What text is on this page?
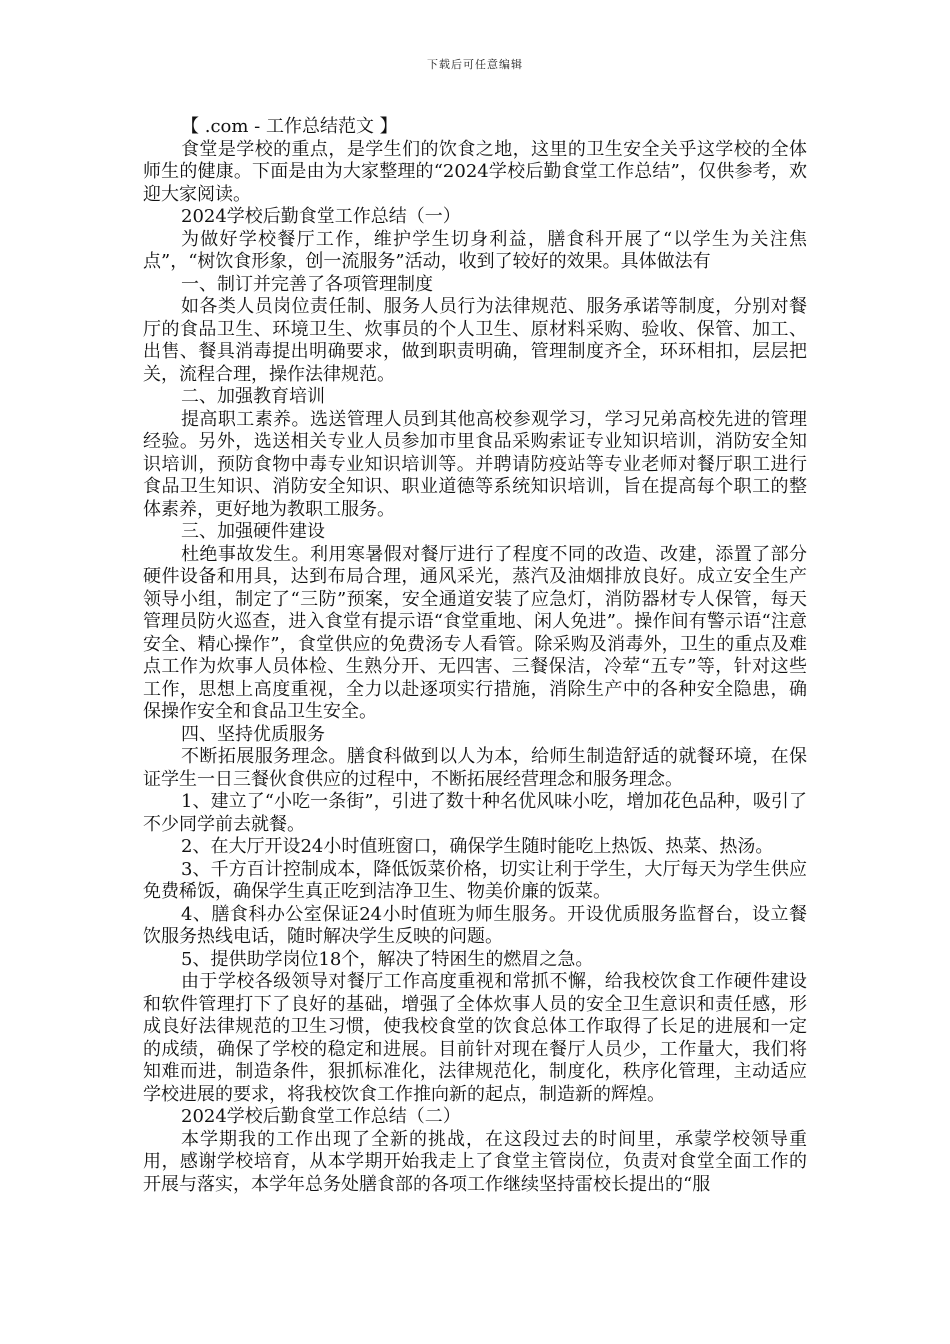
下载后可任意编辑

【 .com - 工作总结范文 】

食堂是学校的重点，是学生们的饮食之地，这里的卫生安全关乎这学校的全体师生的健康。下面是由为大家整理的“2024学校后勤食堂工作总结”，仅供参考，欢迎大家阅读。

2024学校后勤食堂工作总结（一）

为做好学校餐厅工作，维护学生切身利益，膳食科开展了“以学生为关注焦点”，“树饮食形象，创一流服务”活动，收到了较好的效果。具体做法有

一、制订并完善了各项管理制度

如各类人员岗位责任制、服务人员行为法律规范、服务承诺等制度，分别对餐厅的食品卫生、环境卫生、炊事员的个人卫生、原材料采购、验收、保管、加工、出售、餐具消毒提出明确要求，做到职责明确，管理制度齐全，环环相扣，层层把关，流程合理，操作法律规范。

二、加强教育培训

提高职工素养。选送管理人员到其他高校参观学习，学习兄弟高校先进的管理经验。另外，选送相关专业人员参加市里食品采购索证专业知识培训，消防安全知识培训，预防食物中毒专业知识培训等。并聘请防疫站等专业老师对餐厅职工进行食品卫生知识、消防安全知识、职业道德等系统知识培训，旨在提高每个职工的整体素养，更好地为教职工服务。

三、加强硬件建设

杜绝事故发生。利用寒暑假对餐厅进行了程度不同的改造、改建，添置了部分硬件设备和用具，达到布局合理，通风采光，蒸汽及油烟排放良好。成立安全生产领导小组，制定了“三防”预案，安全通道安装了应急灯，消防器材专人保管，每天管理员防火巡查，进入食堂有提示语“食堂重地、闲人免进”。操作间有警示语“注意安全、精心操作”，食堂供应的免费汤专人看管。除采购及消毒外，卫生的重点及难点工作为炊事人员体检、生熟分开、无四害、三餐保洁，冷荤“五专”等，针对这些工作，思想上高度重视，全力以赴逐项实行措施，消除生产中的各种安全隐患，确保操作安全和食品卫生安全。

四、坚持优质服务

不断拓展服务理念。膳食科做到以人为本，给师生制造舒适的就餐环境，在保证学生一日三餐伙食供应的过程中，不断拓展经营理念和服务理念。

1、建立了“小吃一条街”，引进了数十种名优风味小吃，增加花色品种，吸引了不少同学前去就餐。

2、在大厅开设24小时值班窗口，确保学生随时能吃上热饭、热菜、热汤。

3、千方百计控制成本，降低饭菜价格，切实让利于学生，大厅每天为学生供应免费稀饭，确保学生真正吃到洁净卫生、物美价廉的饭菜。

4、膳食科办公室保证24小时值班为师生服务。开设优质服务监督台，设立餐饮服务热线电话，随时解决学生反映的问题。

5、提供助学岗位18个，解决了特困生的燃眉之急。

由于学校各级领导对餐厅工作高度重视和常抓不懈，给我校饮食工作硬件建设和软件管理打下了良好的基础，增强了全体炊事人员的安全卫生意识和责任感，形成良好法律规范的卫生习惯，使我校食堂的饮食总体工作取得了长足的进展和一定的成绩，确保了学校的稳定和进展。目前针对现在餐厅人员少，工作量大，我们将知难而进，制造条件，狠抓标准化，法律规范化，制度化，秩序化管理，主动适应学校进展的要求，将我校饮食工作推向新的起点，制造新的辉煌。

2024学校后勤食堂工作总结（二）

本学期我的工作出现了全新的挑战，在这段过去的时间里，承蒙学校领导重用，感谢学校培育，从本学期开始我走上了食堂主管岗位，负责对食堂全面工作的开展与落实，本学年总务处膳食部的各项工作继续坚持雷校长提出的“服
